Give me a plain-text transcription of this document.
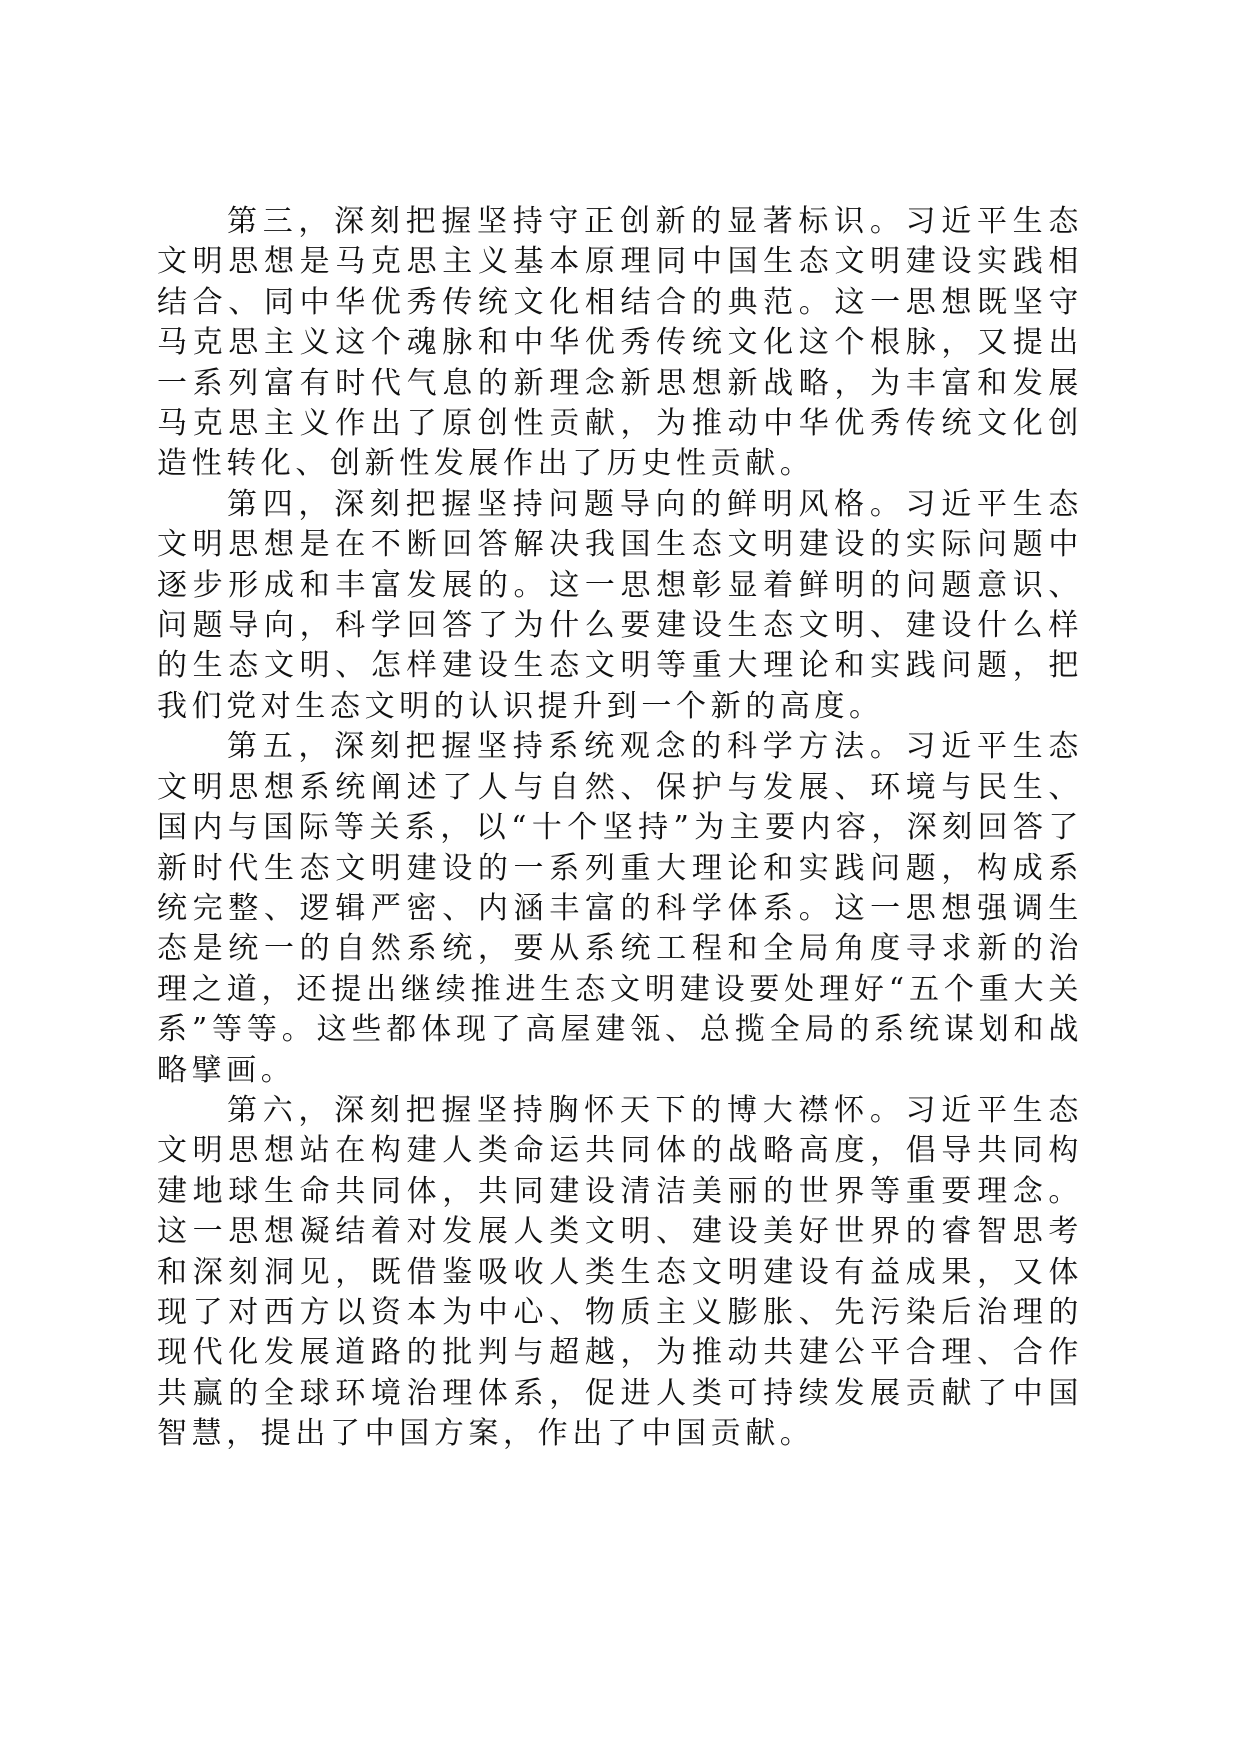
第三，深刻把握坚持守正创新的显著标识。习近平生态文明思想是马克思主义基本原理同中国生态文明建设实践相结合、同中华优秀传统文化相结合的典范。这一思想既坚守马克思主义这个魂脉和中华优秀传统文化这个根脉，又提出一系列富有时代气息的新理念新思想新战略，为丰富和发展马克思主义作出了原创性贡献，为推动中华优秀传统文化创造性转化、创新性发展作出了历史性贡献。

第四，深刻把握坚持问题导向的鲜明风格。习近平生态文明思想是在不断回答解决我国生态文明建设的实际问题中逐步形成和丰富发展的。这一思想彰显着鲜明的问题意识、问题导向，科学回答了为什么要建设生态文明、建设什么样的生态文明、怎样建设生态文明等重大理论和实践问题，把我们党对生态文明的认识提升到一个新的高度。

第五，深刻把握坚持系统观念的科学方法。习近平生态文明思想系统阐述了人与自然、保护与发展、环境与民生、国内与国际等关系，以“十个坚持”为主要内容，深刻回答了新时代生态文明建设的一系列重大理论和实践问题，构成系统完整、逻辑严密、内涵丰富的科学体系。这一思想强调生态是统一的自然系统，要从系统工程和全局角度寻求新的治理之道，还提出继续推进生态文明建设要处理好“五个重大关系”等等。这些都体现了高屋建瓴、总揽全局的系统谋划和战略擘画。

第六，深刻把握坚持胸怀天下的博大襟怀。习近平生态文明思想站在构建人类命运共同体的战略高度，倡导共同构建地球生命共同体，共同建设清洁美丽的世界等重要理念。这一思想凝结着对发展人类文明、建设美好世界的睿智思考和深刻洞见，既借鉴吸收人类生态文明建设有益成果，又体现了对西方以资本为中心、物质主义膨胀、先污染后治理的现代化发展道路的批判与超越，为推动共建公平合理、合作共赢的全球环境治理体系，促进人类可持续发展贡献了中国智慧，提出了中国方案，作出了中国贡献。
